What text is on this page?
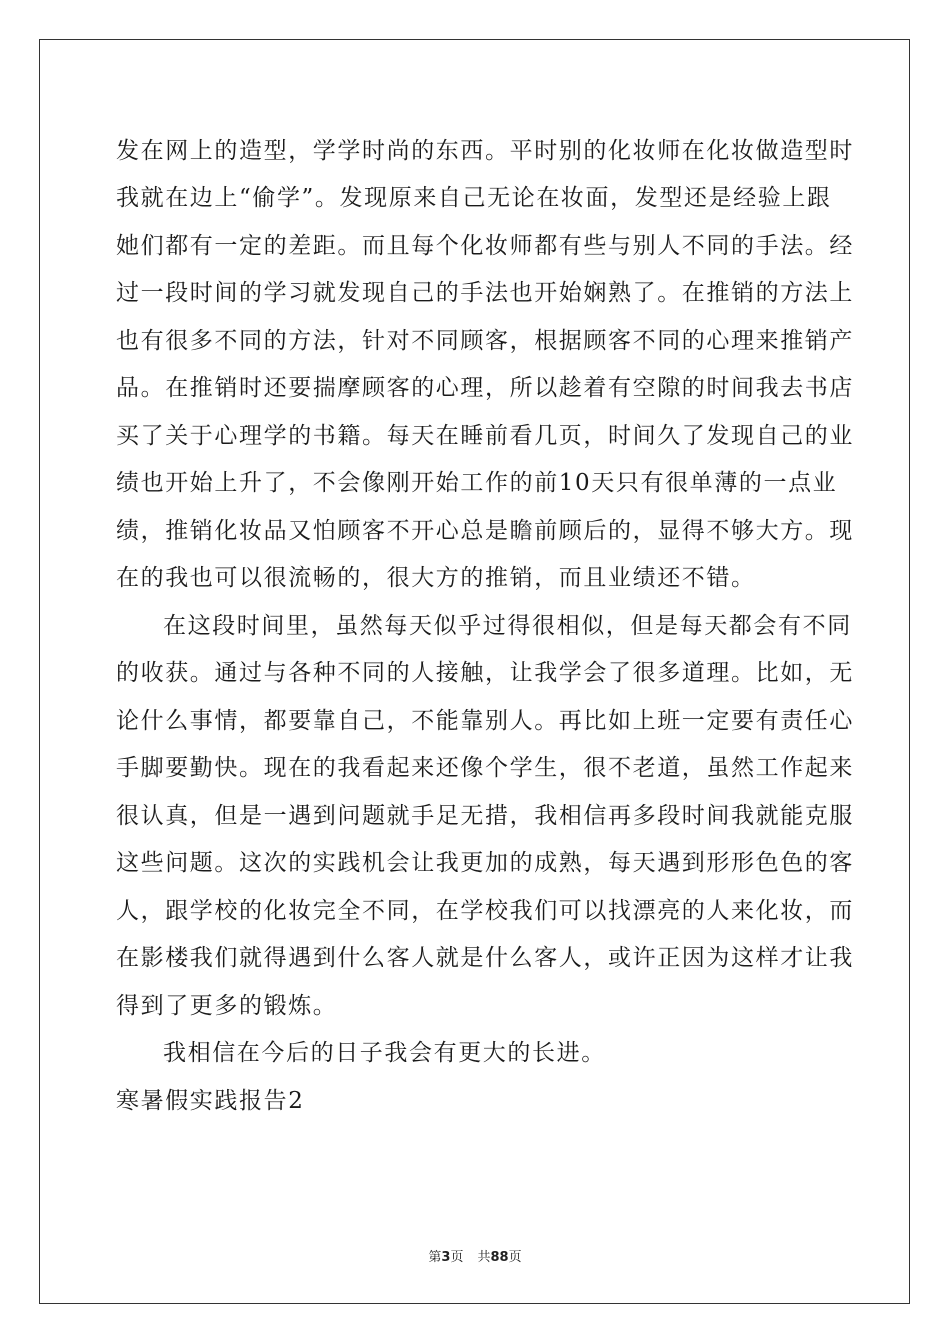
发在网上的造型，学学时尚的东西。平时别的化妆师在化妆做造型时
我就在边上“偷学”。发现原来自己无论在妆面，发型还是经验上跟
她们都有一定的差距。而且每个化妆师都有些与别人不同的手法。经
过一段时间的学习就发现自己的手法也开始娴熟了。在推销的方法上
也有很多不同的方法，针对不同顾客，根据顾客不同的心理来推销产
品。在推销时还要揣摩顾客的心理，所以趁着有空隙的时间我去书店
买了关于心理学的书籍。每天在睡前看几页，时间久了发现自己的业
绩也开始上升了，不会像刚开始工作的前10天只有很单薄的一点业
绩，推销化妆品又怕顾客不开心总是瞻前顾后的，显得不够大方。现
在的我也可以很流畅的，很大方的推销，而且业绩还不错。
在这段时间里，虽然每天似乎过得很相似，但是每天都会有不同
的收获。通过与各种不同的人接触，让我学会了很多道理。比如，无
论什么事情，都要靠自己，不能靠别人。再比如上班一定要有责任心
手脚要勤快。现在的我看起来还像个学生，很不老道，虽然工作起来
很认真，但是一遇到问题就手足无措，我相信再多段时间我就能克服
这些问题。这次的实践机会让我更加的成熟，每天遇到形形色色的客
人，跟学校的化妆完全不同，在学校我们可以找漂亮的人来化妆，而
在影楼我们就得遇到什么客人就是什么客人，或许正因为这样才让我
得到了更多的锻炼。
我相信在今后的日子我会有更大的长进。
寒暑假实践报告2
第3页 共88页
